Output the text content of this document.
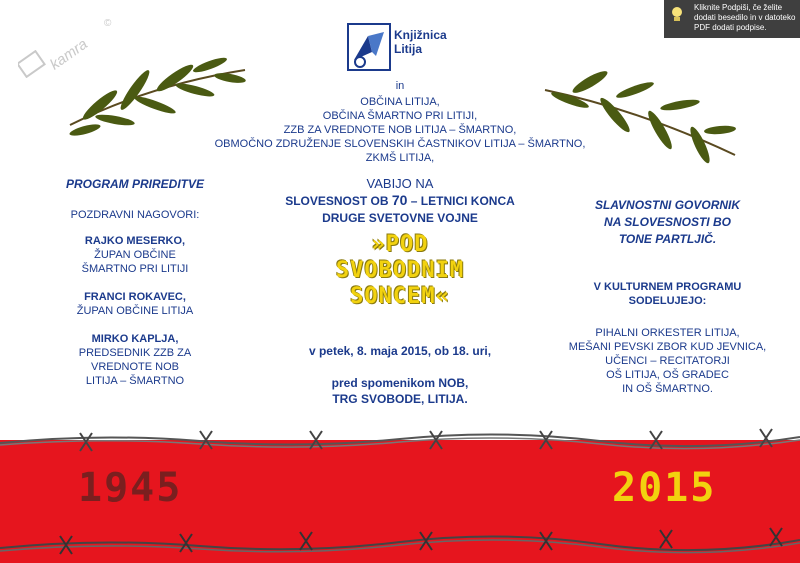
kamra
©
Knjižnica
Litija
Kliknite Podpiši, če želite dodati besedilo in v datoteko PDF dodati podpise.
in
OBČINA LITIJA,
OBČINA ŠMARTNO PRI LITIJI,
ZZB ZA VREDNOTE NOB LITIJA – ŠMARTNO,
OBMOČNO ZDRUŽENJE SLOVENSKIH ČASTNIKOV LITIJA – ŠMARTNO,
ZKMŠ LITIJA,
VABIJO NA
SLOVESNOST OB 70 – LETNICI KONCA
DRUGE SVETOVNE VOJNE
»POD
SVOBODNIM
SONCEM«
v petek, 8. maja 2015, ob 18. uri,
pred spomenikom NOB,
TRG SVOBODE, LITIJA.
PROGRAM PRIREDITVE
POZDRAVNI NAGOVORI:
RAJKO MESERKO,
ŽUPAN OBČINE
ŠMARTNO PRI LITIJI
FRANCI ROKAVEC,
ŽUPAN OBČINE LITIJA
MIRKO KAPLJA,
PREDSEDNIK ZZB ZA
VREDNOTE NOB
LITIJA – ŠMARTNO
SLAVNOSTNI GOVORNIK
NA SLOVESNOSTI BO
TONE PARTLJIČ.
V KULTURNEM PROGRAMU
SODELUJEJO:
PIHALNI ORKESTER LITIJA,
MEŠANI PEVSKI ZBOR KUD JEVNICA,
UČENCI – RECITATORJI
OŠ LITIJA, OŠ GRADEC
IN OŠ ŠMARTNO.
1945	2015
